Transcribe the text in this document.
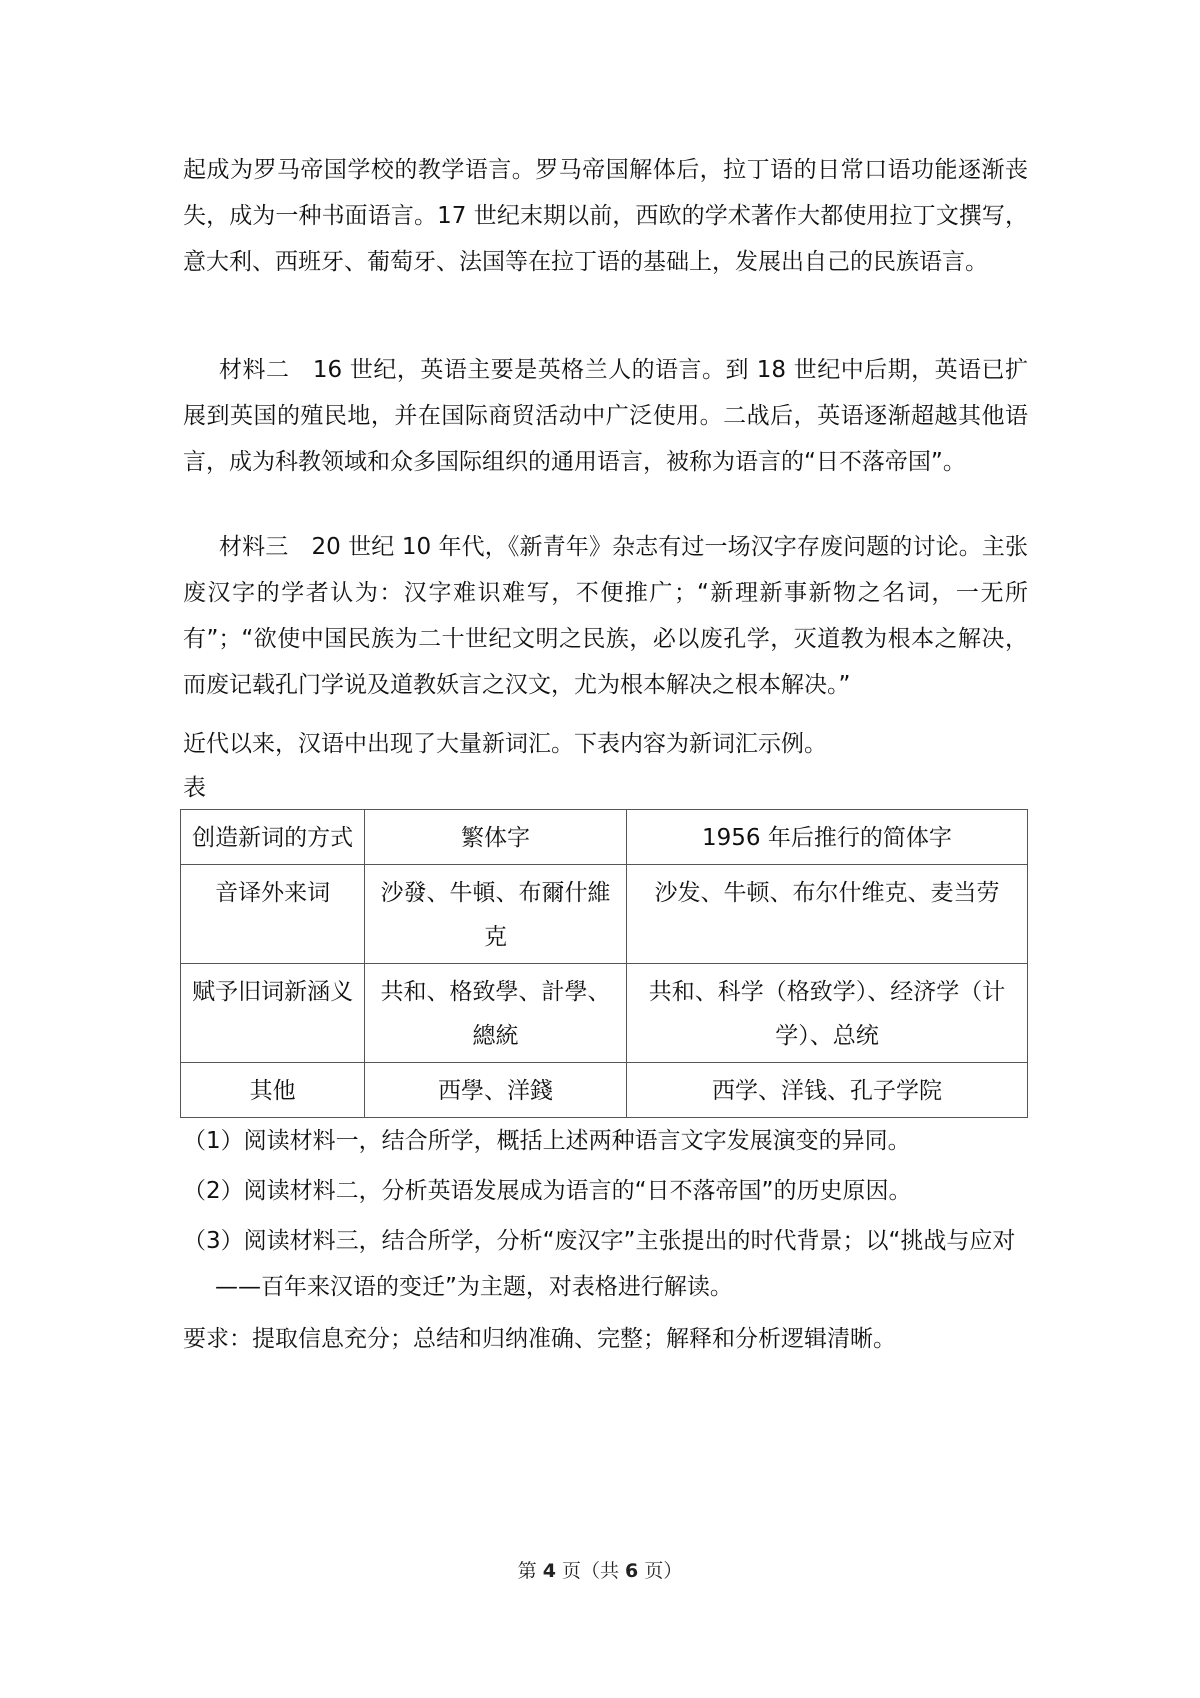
起成为罗马帝国学校的教学语言。罗马帝国解体后，拉丁语的日常口语功能逐渐丧失，成为一种书面语言。17 世纪末期以前，西欧的学术著作大都使用拉丁文撰写，意大利、西班牙、葡萄牙、法国等在拉丁语的基础上，发展出自己的民族语言。

材料二　16 世纪，英语主要是英格兰人的语言。到 18 世纪中后期，英语已扩展到英国的殖民地，并在国际商贸活动中广泛使用。二战后，英语逐渐超越其他语言，成为科教领域和众多国际组织的通用语言，被称为语言的“日不落帝国”。

材料三　20 世纪 10 年代，《新青年》杂志有过一场汉字存废问题的讨论。主张废汉字的学者认为：汉字难识难写，不便推广；“新理新事新物之名词，一无所有”；“欲使中国民族为二十世纪文明之民族，必以废孔学，灭道教为根本之解决，而废记载孔门学说及道教妖言之汉文，尤为根本解决之根本解决。”

近代以来，汉语中出现了大量新词汇。下表内容为新词汇示例。

表

创造新词的方式	繁体字	1956 年后推行的简体字
音译外来词	沙發、牛頓、布爾什維克	沙发、牛顿、布尔什维克、麦当劳
赋予旧词新涵义	共和、格致學、計學、總統	共和、科学（格致学）、经济学（计学）、总统
其他	西學、洋錢	西学、洋钱、孔子学院

（1）阅读材料一，结合所学，概括上述两种语言文字发展演变的异同。

（2）阅读材料二，分析英语发展成为语言的“日不落帝国”的历史原因。

（3）阅读材料三，结合所学，分析“废汉字”主张提出的时代背景；以“挑战与应对——百年来汉语的变迁”为主题，对表格进行解读。

要求：提取信息充分；总结和归纳准确、完整；解释和分析逻辑清晰。

第 4 页（共 6 页）
